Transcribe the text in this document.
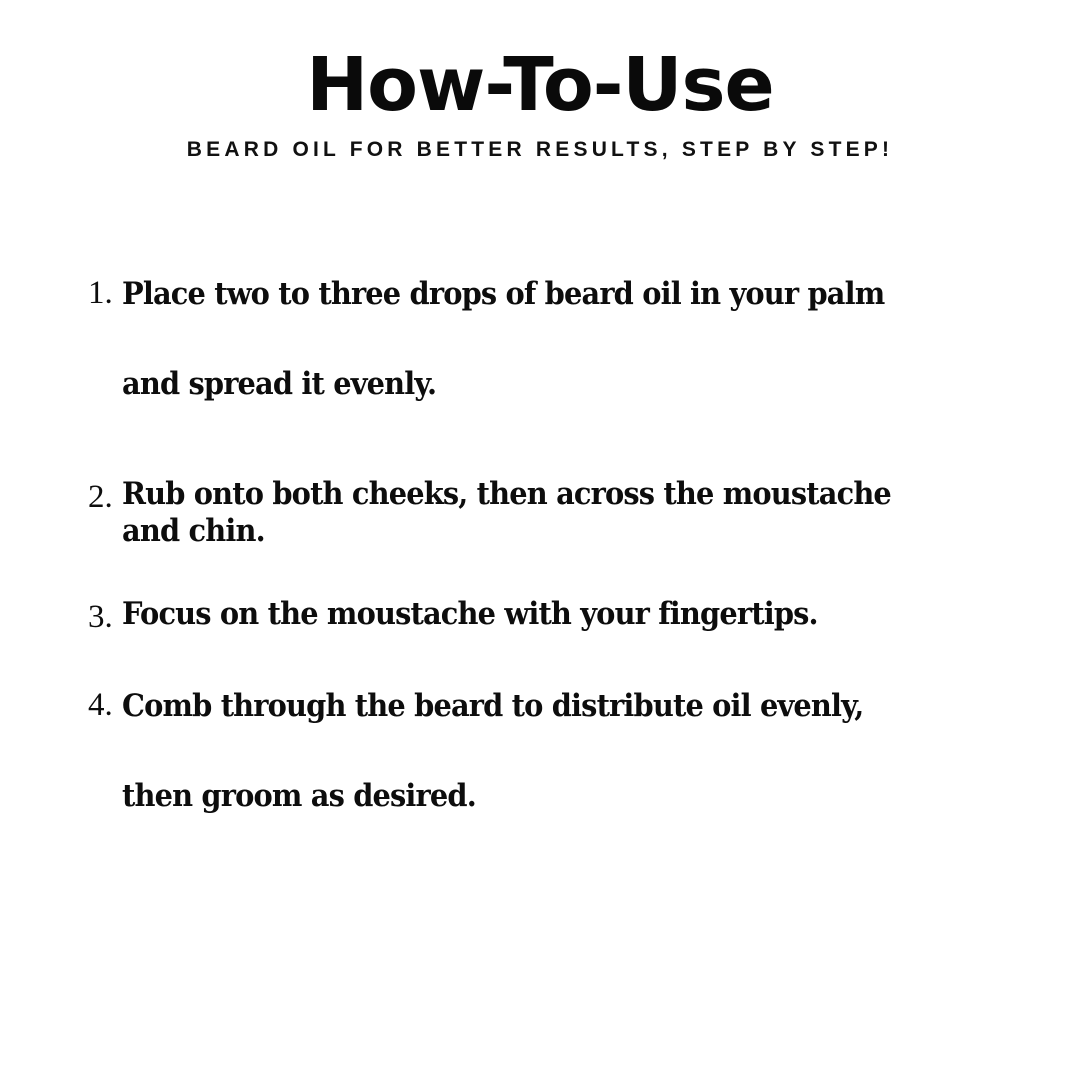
How-To-Use

BEARD OIL FOR BETTER RESULTS, STEP BY STEP!

1. Place two to three drops of beard oil in your palm and spread it evenly.
2. Rub onto both cheeks, then across the moustache and chin.
3. Focus on the moustache with your fingertips.
4. Comb through the beard to distribute oil evenly, then groom as desired.
